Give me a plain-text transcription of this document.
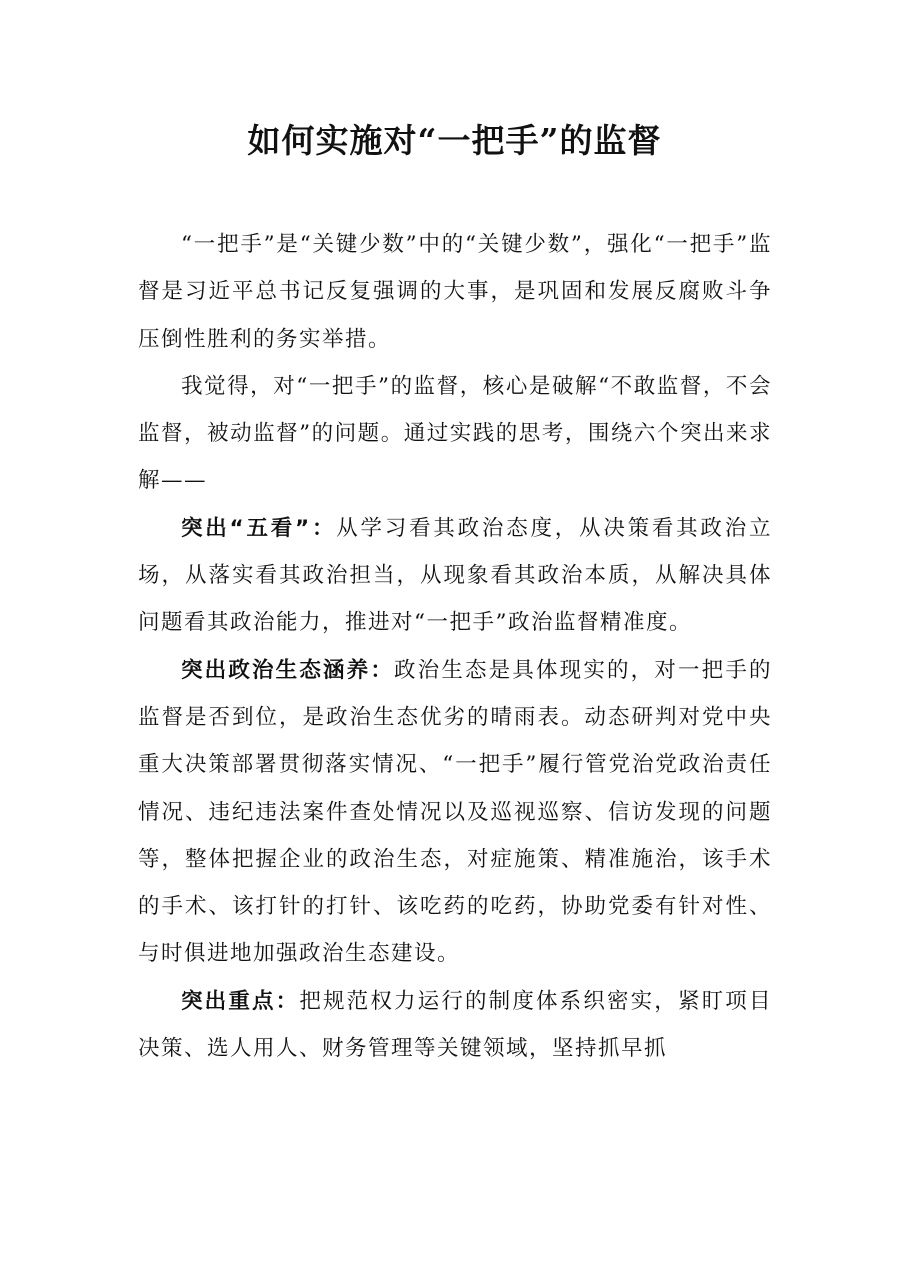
如何实施对“一把手”的监督

“一把手”是“关键少数”中的“关键少数”，强化“一把手”监督是习近平总书记反复强调的大事，是巩固和发展反腐败斗争压倒性胜利的务实举措。

我觉得，对“一把手”的监督，核心是破解“不敢监督，不会监督，被动监督”的问题。通过实践的思考，围绕六个突出来求解——

突出“五看”：从学习看其政治态度，从决策看其政治立场，从落实看其政治担当，从现象看其政治本质，从解决具体问题看其政治能力，推进对“一把手”政治监督精准度。

突出政治生态涵养：政治生态是具体现实的，对一把手的监督是否到位，是政治生态优劣的晴雨表。动态研判对党中央重大决策部署贯彻落实情况、“一把手”履行管党治党政治责任情况、违纪违法案件查处情况以及巡视巡察、信访发现的问题等，整体把握企业的政治生态，对症施策、精准施治，该手术的手术、该打针的打针、该吃药的吃药，协助党委有针对性、与时俱进地加强政治生态建设。

突出重点：把规范权力运行的制度体系织密实，紧盯项目决策、选人用人、财务管理等关键领域，坚持抓早抓
